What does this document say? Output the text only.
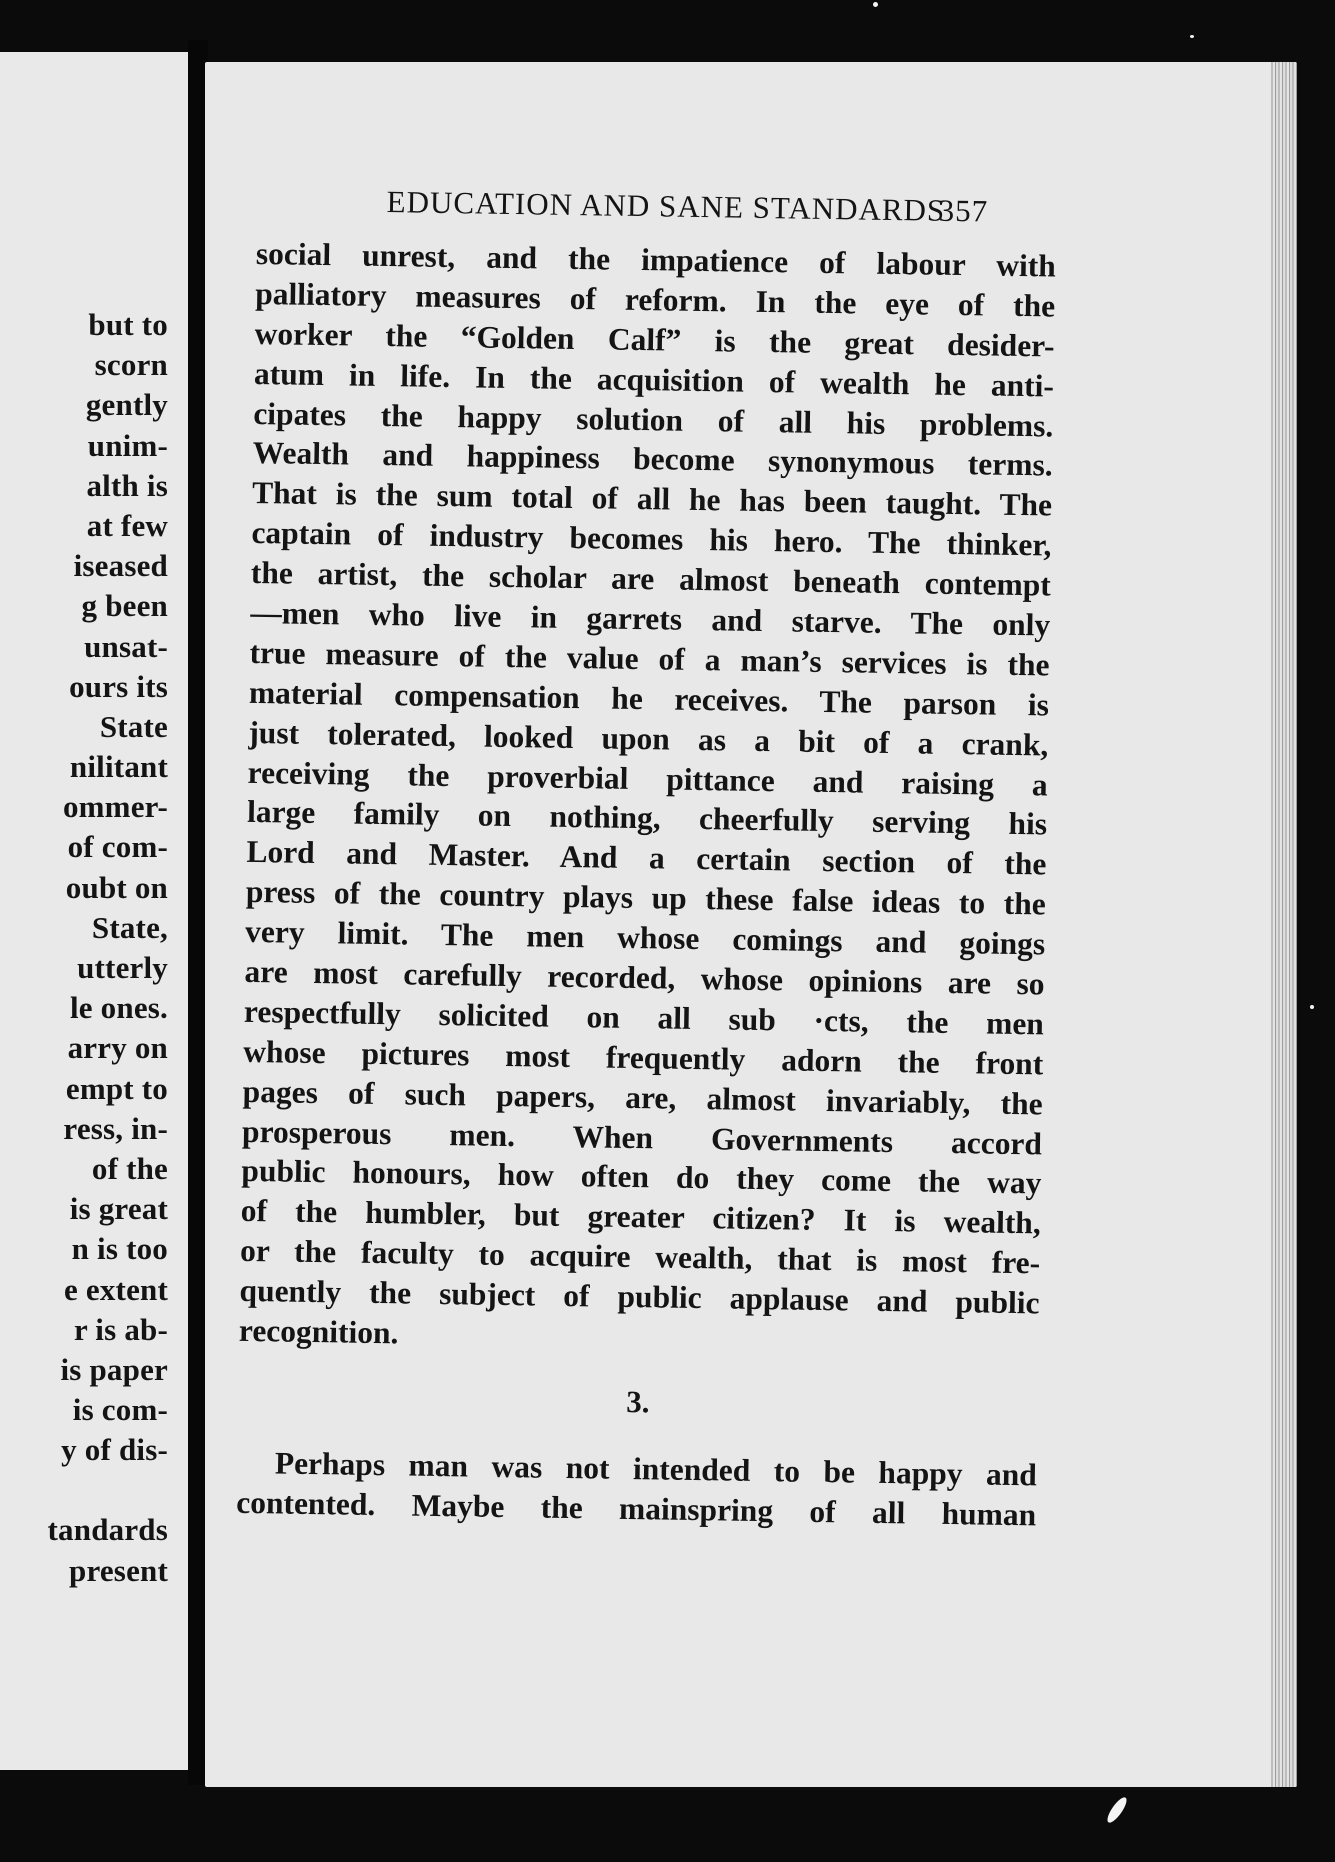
but to
scorn
gently
unim-
alth is
at few
iseased
g been
unsat-
ours its
State
nilitant
ommer-
of com-
oubt on
State,
utterly
le ones.
arry on
empt to
ress, in-
of the
is great
n is too
e extent
r is ab-
is paper
is com-
y of dis-
tandards
present
EDUCATION AND SANE STANDARDS
357
social unrest, and the impatience of labour with
palliatory measures of reform. In the eye of the
worker the “Golden Calf” is the great desider-
atum in life. In the acquisition of wealth he anti-
cipates the happy solution of all his problems.
Wealth and happiness become synonymous terms.
That is the sum total of all he has been taught. The
captain of industry becomes his hero. The thinker,
the artist, the scholar are almost beneath contempt
—men who live in garrets and starve. The only
true measure of the value of a man’s services is the
material compensation he receives. The parson is
just tolerated, looked upon as a bit of a crank,
receiving the proverbial pittance and raising a
large family on nothing, cheerfully serving his
Lord and Master. And a certain section of the
press of the country plays up these false ideas to the
very limit. The men whose comings and goings
are most carefully recorded, whose opinions are so
respectfully solicited on all sub ·cts, the men
whose pictures most frequently adorn the front
pages of such papers, are, almost invariably, the
prosperous men. When Governments accord
public honours, how often do they come the way
of the humbler, but greater citizen? It is wealth,
or the faculty to acquire wealth, that is most fre-
quently the subject of public applause and public
recognition.
3.
Perhaps man was not intended to be happy and
contented. Maybe the mainspring of all human
